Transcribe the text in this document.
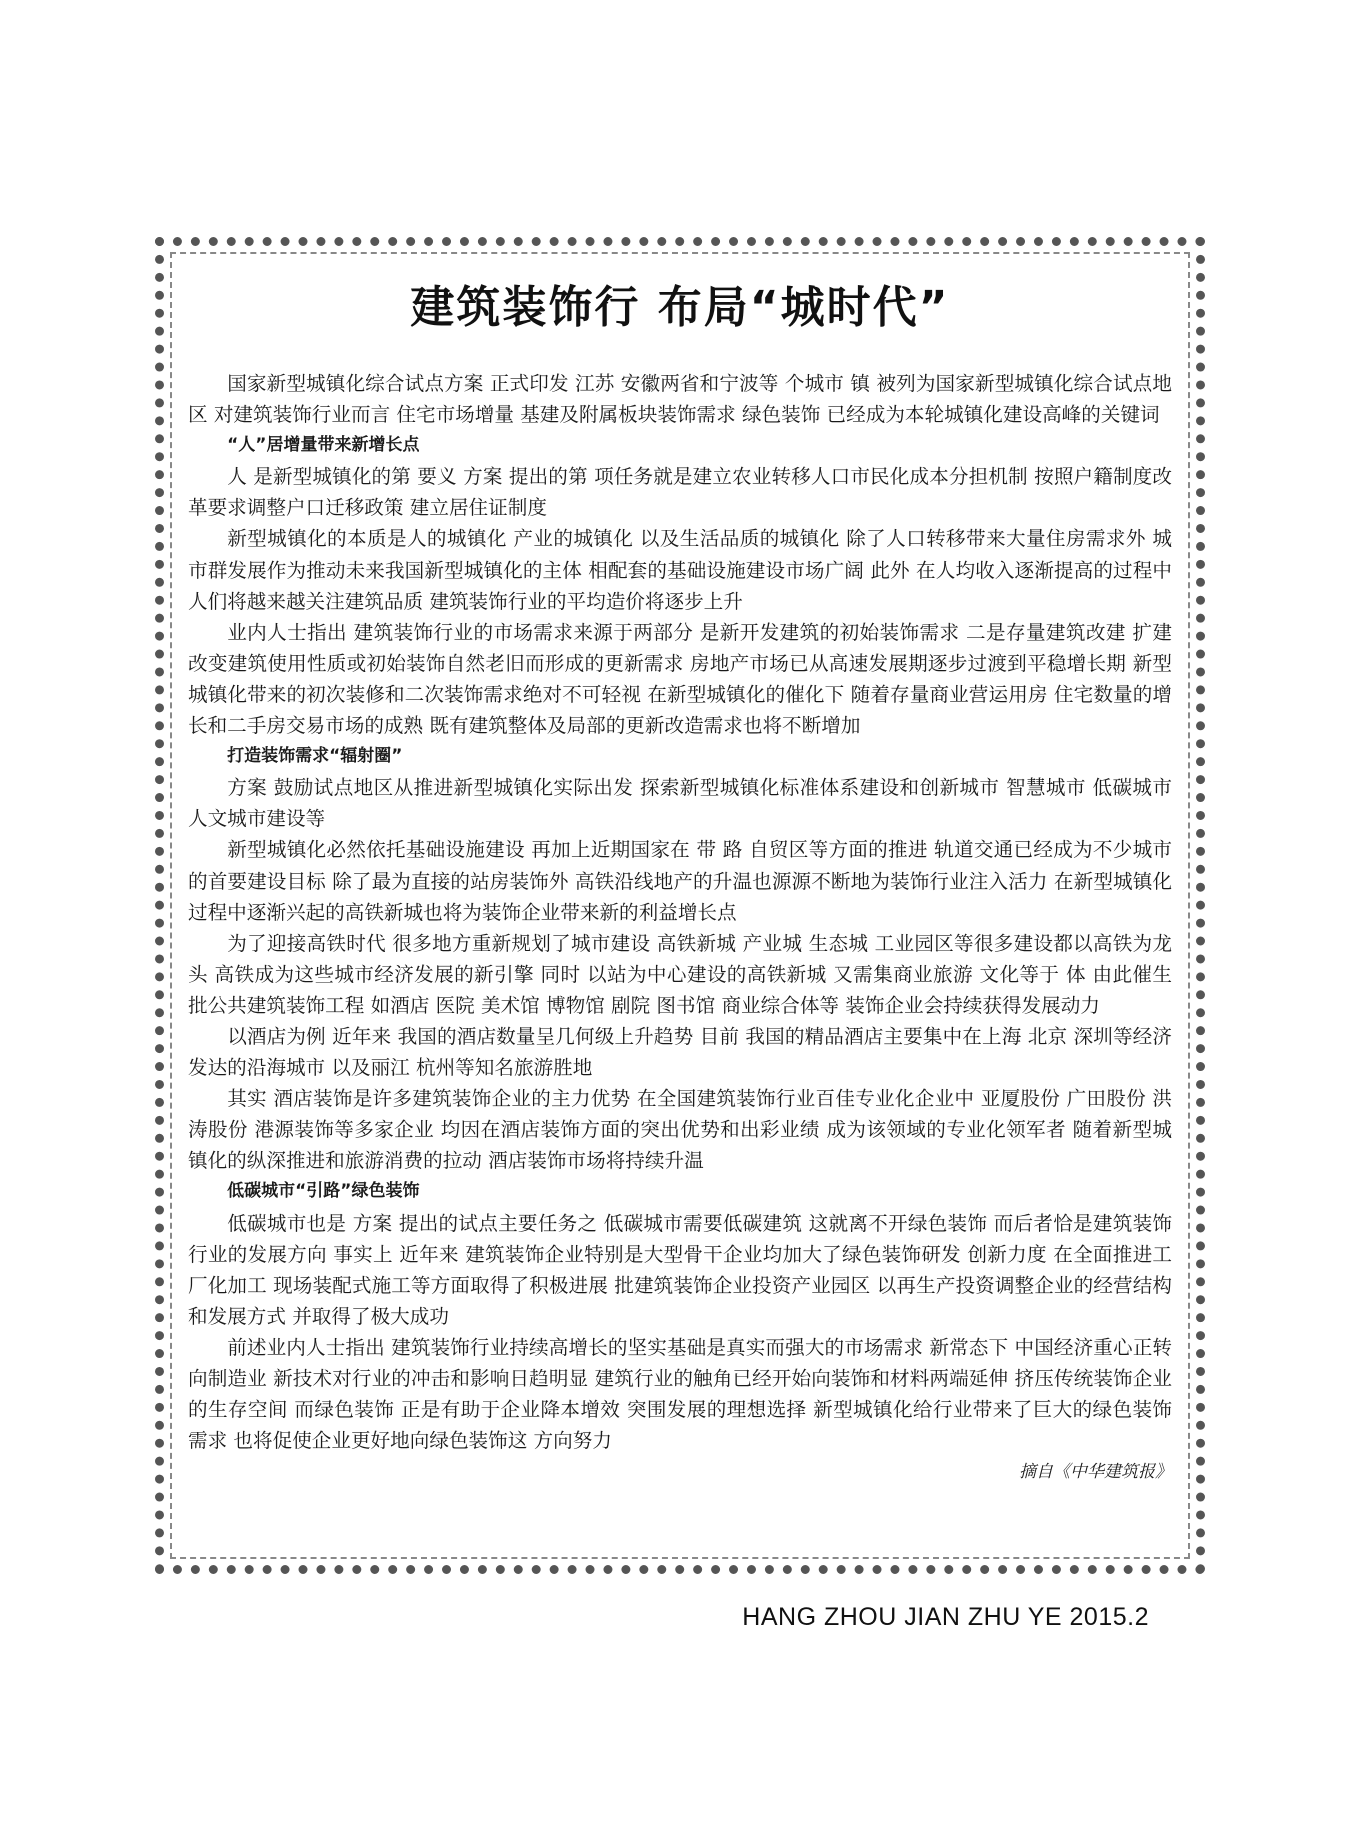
建筑装饰行 布局“城时代”

国家新型城镇化综合试点方案 正式印发 江苏 安徽两省和宁波等 个城市 镇 被列为国家新型城镇化综合试点地区 对建筑装饰行业而言 住宅市场增量 基建及附属板块装饰需求 绿色装饰 已经成为本轮城镇化建设高峰的关键词

“人”居增量带来新增长点

人 是新型城镇化的第 要义 方案 提出的第 项任务就是建立农业转移人口市民化成本分担机制 按照户籍制度改革要求调整户口迁移政策 建立居住证制度

新型城镇化的本质是人的城镇化 产业的城镇化 以及生活品质的城镇化 除了人口转移带来大量住房需求外 城市群发展作为推动未来我国新型城镇化的主体 相配套的基础设施建设市场广阔 此外 在人均收入逐渐提高的过程中 人们将越来越关注建筑品质 建筑装饰行业的平均造价将逐步上升

业内人士指出 建筑装饰行业的市场需求来源于两部分 是新开发建筑的初始装饰需求 二是存量建筑改建 扩建 改变建筑使用性质或初始装饰自然老旧而形成的更新需求 房地产市场已从高速发展期逐步过渡到平稳增长期 新型城镇化带来的初次装修和二次装饰需求绝对不可轻视 在新型城镇化的催化下 随着存量商业营运用房 住宅数量的增长和二手房交易市场的成熟 既有建筑整体及局部的更新改造需求也将不断增加

打造装饰需求“辐射圈”

方案 鼓励试点地区从推进新型城镇化实际出发 探索新型城镇化标准体系建设和创新城市 智慧城市 低碳城市 人文城市建设等

新型城镇化必然依托基础设施建设 再加上近期国家在 带 路 自贸区等方面的推进 轨道交通已经成为不少城市的首要建设目标 除了最为直接的站房装饰外 高铁沿线地产的升温也源源不断地为装饰行业注入活力 在新型城镇化过程中逐渐兴起的高铁新城也将为装饰企业带来新的利益增长点

为了迎接高铁时代 很多地方重新规划了城市建设 高铁新城 产业城 生态城 工业园区等很多建设都以高铁为龙头 高铁成为这些城市经济发展的新引擎 同时 以站为中心建设的高铁新城 又需集商业旅游 文化等于 体 由此催生 批公共建筑装饰工程 如酒店 医院 美术馆 博物馆 剧院 图书馆 商业综合体等 装饰企业会持续获得发展动力

以酒店为例 近年来 我国的酒店数量呈几何级上升趋势 目前 我国的精品酒店主要集中在上海 北京 深圳等经济发达的沿海城市 以及丽江 杭州等知名旅游胜地

其实 酒店装饰是许多建筑装饰企业的主力优势 在全国建筑装饰行业百佳专业化企业中 亚厦股份 广田股份 洪涛股份 港源装饰等多家企业 均因在酒店装饰方面的突出优势和出彩业绩 成为该领域的专业化领军者 随着新型城镇化的纵深推进和旅游消费的拉动 酒店装饰市场将持续升温

低碳城市“引路”绿色装饰

低碳城市也是 方案 提出的试点主要任务之 低碳城市需要低碳建筑 这就离不开绿色装饰 而后者恰是建筑装饰行业的发展方向 事实上 近年来 建筑装饰企业特别是大型骨干企业均加大了绿色装饰研发 创新力度 在全面推进工厂化加工 现场装配式施工等方面取得了积极进展 批建筑装饰企业投资产业园区 以再生产投资调整企业的经营结构和发展方式 并取得了极大成功

前述业内人士指出 建筑装饰行业持续高增长的坚实基础是真实而强大的市场需求 新常态下 中国经济重心正转向制造业 新技术对行业的冲击和影响日趋明显 建筑行业的触角已经开始向装饰和材料两端延伸 挤压传统装饰企业的生存空间 而绿色装饰 正是有助于企业降本增效 突围发展的理想选择 新型城镇化给行业带来了巨大的绿色装饰需求 也将促使企业更好地向绿色装饰这 方向努力

摘自《中华建筑报》

HANG ZHOU JIAN ZHU YE 2015.2
